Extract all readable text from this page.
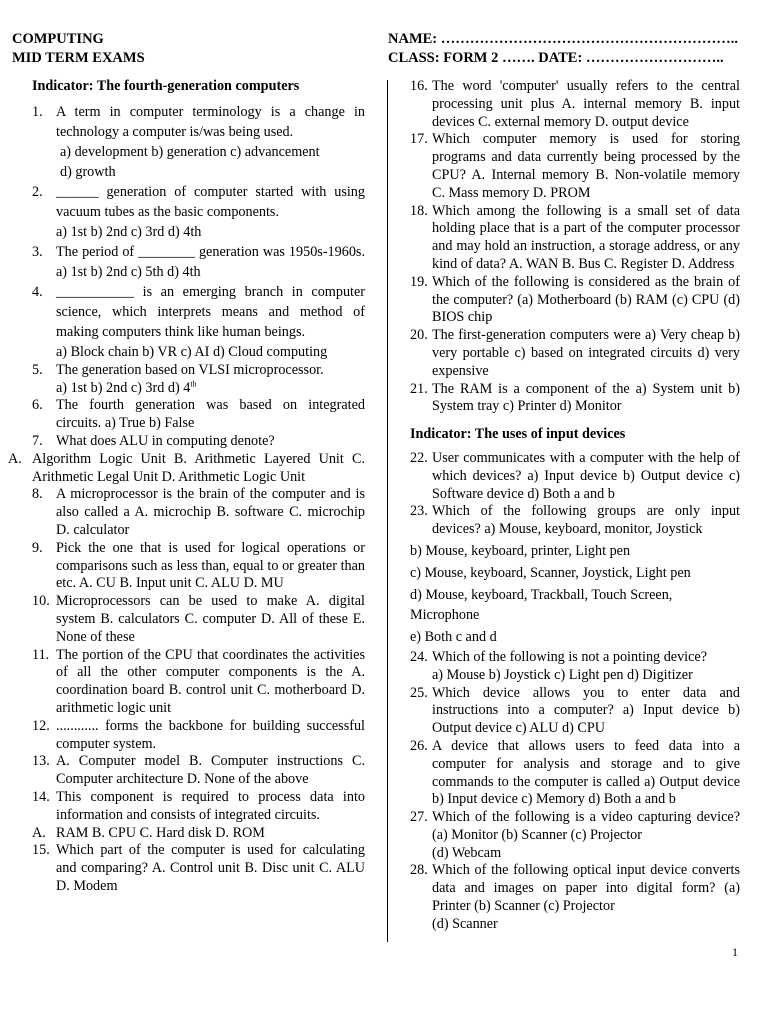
COMPUTING
MID TERM EXAMS
NAME: ……………………………………………………..
CLASS: FORM 2 ……. DATE: ………………………..
Indicator: The fourth-generation computers
1. A term in computer terminology is a change in technology a computer is/was being used.
a) development b) generation c) advancement
d) growth
2. ______ generation of computer started with using vacuum tubes as the basic components.
a) 1st b) 2nd c) 3rd d) 4th
3. The period of ________ generation was 1950s-1960s. a) 1st b) 2nd c) 5th d) 4th
4. ___________ is an emerging branch in computer science, which interprets means and method of making computers think like human beings.
a) Block chain b) VR c) AI d) Cloud computing
5. The generation based on VLSI microprocessor.
a) 1st b) 2nd c) 3rd d) 4th
6. The fourth generation was based on integrated circuits. a) True b) False
7. What does ALU in computing denote?
A. Algorithm Logic Unit B. Arithmetic Layered Unit C. Arithmetic Legal Unit D. Arithmetic Logic Unit
8. A microprocessor is the brain of the computer and is also called a A. microchip B. software C. microchip D. calculator
9. Pick the one that is used for logical operations or comparisons such as less than, equal to or greater than etc. A. CU B. Input unit C. ALU D. MU
10. Microprocessors can be used to make A. digital system B. calculators C. computer D. All of these E. None of these
11. The portion of the CPU that coordinates the activities of all the other computer components is the A. coordination board B. control unit C. motherboard D. arithmetic logic unit
12. ............ forms the backbone for building successful computer system.
13. A. Computer model B. Computer instructions C. Computer architecture D. None of the above
14. This component is required to process data into information and consists of integrated circuits.
A. RAM B. CPU C. Hard disk D. ROM
15. Which part of the computer is used for calculating and comparing? A. Control unit B. Disc unit C. ALU D. Modem
16. The word 'computer' usually refers to the central processing unit plus A. internal memory B. input devices C. external memory D. output device
17. Which computer memory is used for storing programs and data currently being processed by the CPU? A. Internal memory B. Non-volatile memory C. Mass memory D. PROM
18. Which among the following is a small set of data holding place that is a part of the computer processor and may hold an instruction, a storage address, or any kind of data? A. WAN B. Bus C. Register D. Address
19. Which of the following is considered as the brain of the computer? (a) Motherboard (b) RAM (c) CPU (d) BIOS chip
20. The first-generation computers were a) Very cheap b) very portable c) based on integrated circuits d) very expensive
21. The RAM is a component of the a) System unit b) System tray c) Printer d) Monitor
Indicator: The uses of input devices
22. User communicates with a computer with the help of which devices? a) Input device b) Output device c) Software device d) Both a and b
23. Which of the following groups are only input devices? a) Mouse, keyboard, monitor, Joystick
b) Mouse, keyboard, printer, Light pen
c) Mouse, keyboard, Scanner, Joystick, Light pen
d) Mouse, keyboard, Trackball, Touch Screen, Microphone
e) Both c and d
24. Which of the following is not a pointing device?
a) Mouse b) Joystick c) Light pen d) Digitizer
25. Which device allows you to enter data and instructions into a computer? a) Input device b) Output device c) ALU d) CPU
26. A device that allows users to feed data into a computer for analysis and storage and to give commands to the computer is called a) Output device b) Input device c) Memory d) Both a and b
27. Which of the following is a video capturing device? (a) Monitor (b) Scanner (c) Projector
(d) Webcam
28. Which of the following optical input device converts data and images on paper into digital form? (a) Printer (b) Scanner (c) Projector
(d) Scanner
1
